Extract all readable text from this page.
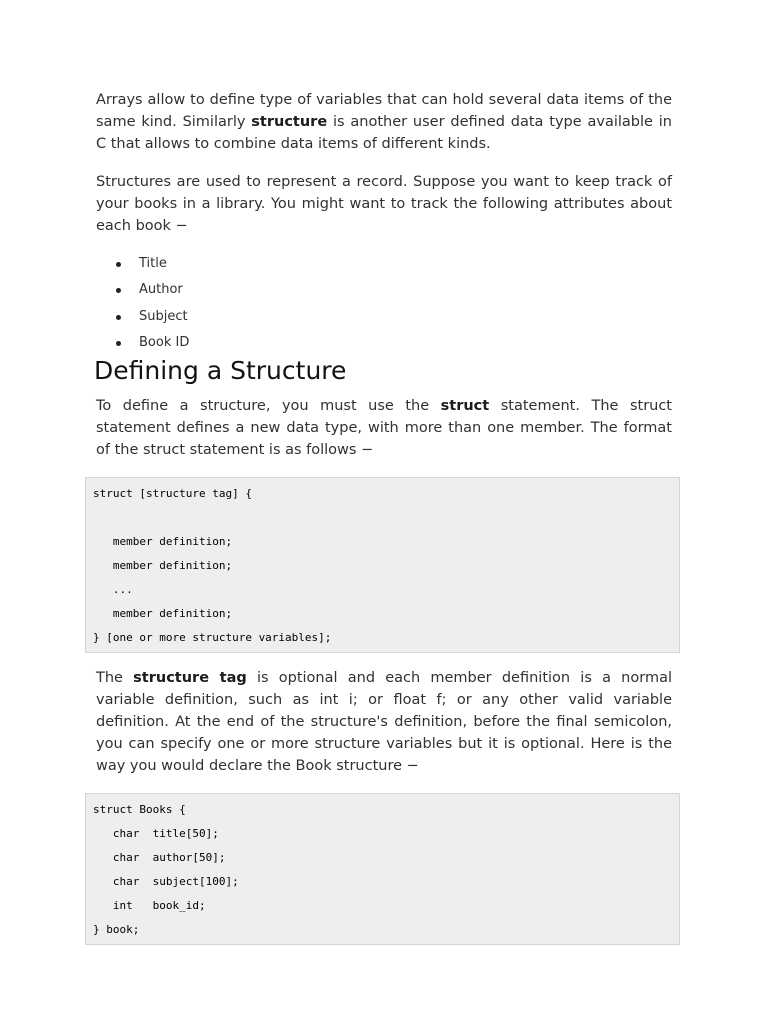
Arrays allow to define type of variables that can hold several data items of the same kind. Similarly structure is another user defined data type available in C that allows to combine data items of different kinds.

Structures are used to represent a record. Suppose you want to keep track of your books in a library. You might want to track the following attributes about each book −

Title
Author
Subject
Book ID
Defining a Structure

To define a structure, you must use the struct statement. The struct statement defines a new data type, with more than one member. The format of the struct statement is as follows −

struct [structure tag] {
member definition;
member definition;
...
member definition;
} [one or more structure variables];

The structure tag is optional and each member definition is a normal variable definition, such as int i; or float f; or any other valid variable definition. At the end of the structure's definition, before the final semicolon, you can specify one or more structure variables but it is optional. Here is the way you would declare the Book structure −

struct Books {
char  title[50];
char  author[50];
char  subject[100];
int   book_id;
} book;
